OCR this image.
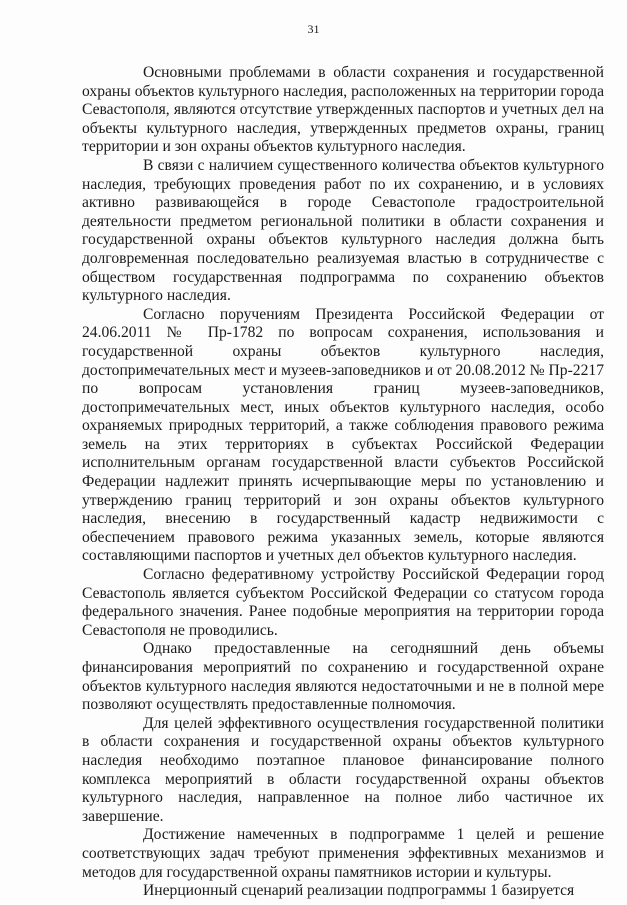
31

Основными проблемами в области сохранения и государственной охраны объектов культурного наследия, расположенных на территории города Севастополя, являются отсутствие утвержденных паспортов и учетных дел на объекты культурного наследия, утвержденных предметов охраны, границ территории и зон охраны объектов культурного наследия.

В связи с наличием существенного количества объектов культурного наследия, требующих проведения работ по их сохранению, и в условиях активно развивающейся в городе Севастополе градостроительной деятельности предметом региональной политики в области сохранения и государственной охраны объектов культурного наследия должна быть долговременная последовательно реализуемая властью в сотрудничестве с обществом государственная подпрограмма по сохранению объектов культурного наследия.

Согласно поручениям Президента Российской Федерации от 24.06.2011 № Пр-1782 по вопросам сохранения, использования и государственной охраны объектов культурного наследия, достопримечательных мест и музеев-заповедников и от 20.08.2012 № Пр-2217 по вопросам установления границ музеев-заповедников, достопримечательных мест, иных объектов культурного наследия, особо охраняемых природных территорий, а также соблюдения правового режима земель на этих территориях в субъектах Российской Федерации исполнительным органам государственной власти субъектов Российской Федерации надлежит принять исчерпывающие меры по установлению и утверждению границ территорий и зон охраны объектов культурного наследия, внесению в государственный кадастр недвижимости с обеспечением правового режима указанных земель, которые являются составляющими паспортов и учетных дел объектов культурного наследия.

Согласно федеративному устройству Российской Федерации город Севастополь является субъектом Российской Федерации со статусом города федерального значения. Ранее подобные мероприятия на территории города Севастополя не проводились.

Однако предоставленные на сегодняшний день объемы финансирования мероприятий по сохранению и государственной охране объектов культурного наследия являются недостаточными и не в полной мере позволяют осуществлять предоставленные полномочия.

Для целей эффективного осуществления государственной политики в области сохранения и государственной охраны объектов культурного наследия необходимо поэтапное плановое финансирование полного комплекса мероприятий в области государственной охраны объектов культурного наследия, направленное на полное либо частичное их завершение.

Достижение намеченных в подпрограмме 1 целей и решение соответствующих задач требуют применения эффективных механизмов и методов для государственной охраны памятников истории и культуры.

Инерционный сценарий реализации подпрограммы 1 базируется
